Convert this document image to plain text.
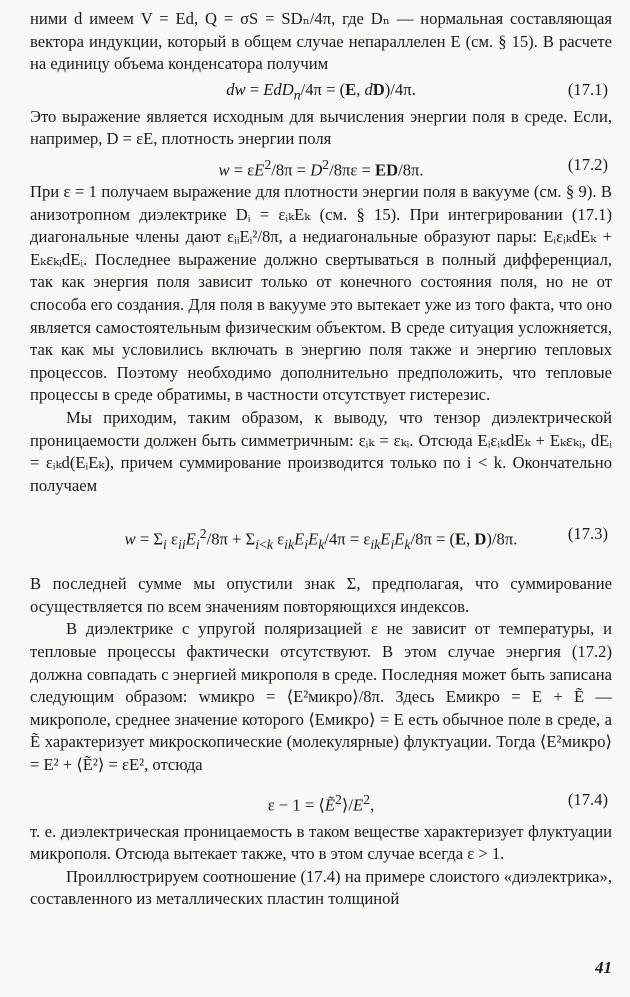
ними d имеем V = Ed, Q = σS = SDₙ/4π, где Dₙ — нормальная составляющая вектора индукции, который в общем случае непараллелен E (см. § 15). В расчете на единицу объема конденсатора получим

dw = EdD$_n$/4π = (E, dD)/4π.	(17.1)

Это выражение является исходным для вычисления энергии поля в среде. Если, например, D = εE, плотность энергии поля

$w = \varepsilon E^2/8\pi = D^2/8\pi\varepsilon = ED/8\pi$.	(17.2)

При ε = 1 получаем выражение для плотности энергии поля в вакууме (см. § 9). В анизотропном диэлектрике Dᵢ = εᵢₖEₖ (см. § 15). При интегрировании (17.1) диагональные члены дают εᵢᵢEᵢ²/8π, а недиагональные образуют пары: EᵢεᵢₖdEₖ + EₖεₖᵢdEᵢ. Последнее выражение должно свертываться в полный дифференциал, так как энергия поля зависит только от конечного состояния поля, но не от способа его создания. Для поля в вакууме это вытекает уже из того факта, что оно является самостоятельным физическим объектом. В среде ситуация усложняется, так как мы условились включать в энергию поля также и энергию тепловых процессов. Поэтому необходимо дополнительно предположить, что тепловые процессы в среде обратимы, в частности отсутствует гистерезис.

Мы приходим, таким образом, к выводу, что тензор диэлектрической проницаемости должен быть симметричным: εᵢₖ = εₖᵢ. Отсюда EᵢεᵢₖdEₖ + Eₖεₖᵢ, dEᵢ = εᵢₖd(EᵢEₖ), причем суммирование производится только по i < k. Окончательно получаем

$w = \Sigma_i$ $\varepsilon_{ii}E_i^2/8\pi + \Sigma_{i<k}$ $\varepsilon_{ik}E_iE_k/4\pi = \varepsilon_{ik}E_iE_k/8\pi = (E$, D)/8π.	(17.3)

В последней сумме мы опустили знак Σ, предполагая, что суммирование осуществляется по всем значениям повторяющихся индексов.

В диэлектрике с упругой поляризацией ε не зависит от температуры, и тепловые процессы фактически отсутствуют. В этом случае энергия (17.2) должна совпадать с энергией микрополя в среде. Последняя может быть записана следующим образом: wмикро = ⟨E²микро⟩/8π. Здесь Eмикро = E + Ẽ — микрополе, среднее значение которого ⟨Eмикро⟩ = E есть обычное поле в среде, а Ẽ характеризует микроскопические (молекулярные) флуктуации. Тогда ⟨E²микро⟩ = E² + ⟨Ẽ²⟩ = εE², отсюда

$\varepsilon - 1 = ⟨Ẽ^2⟩/E^2$,	(17.4)

т. е. диэлектрическая проницаемость в таком веществе характеризует флуктуации микрополя. Отсюда вытекает также, что в этом случае всегда ε > 1.

Проиллюстрируем соотношение (17.4) на примере слоистого «диэлектрика», составленного из металлических пластин толщиной

41
